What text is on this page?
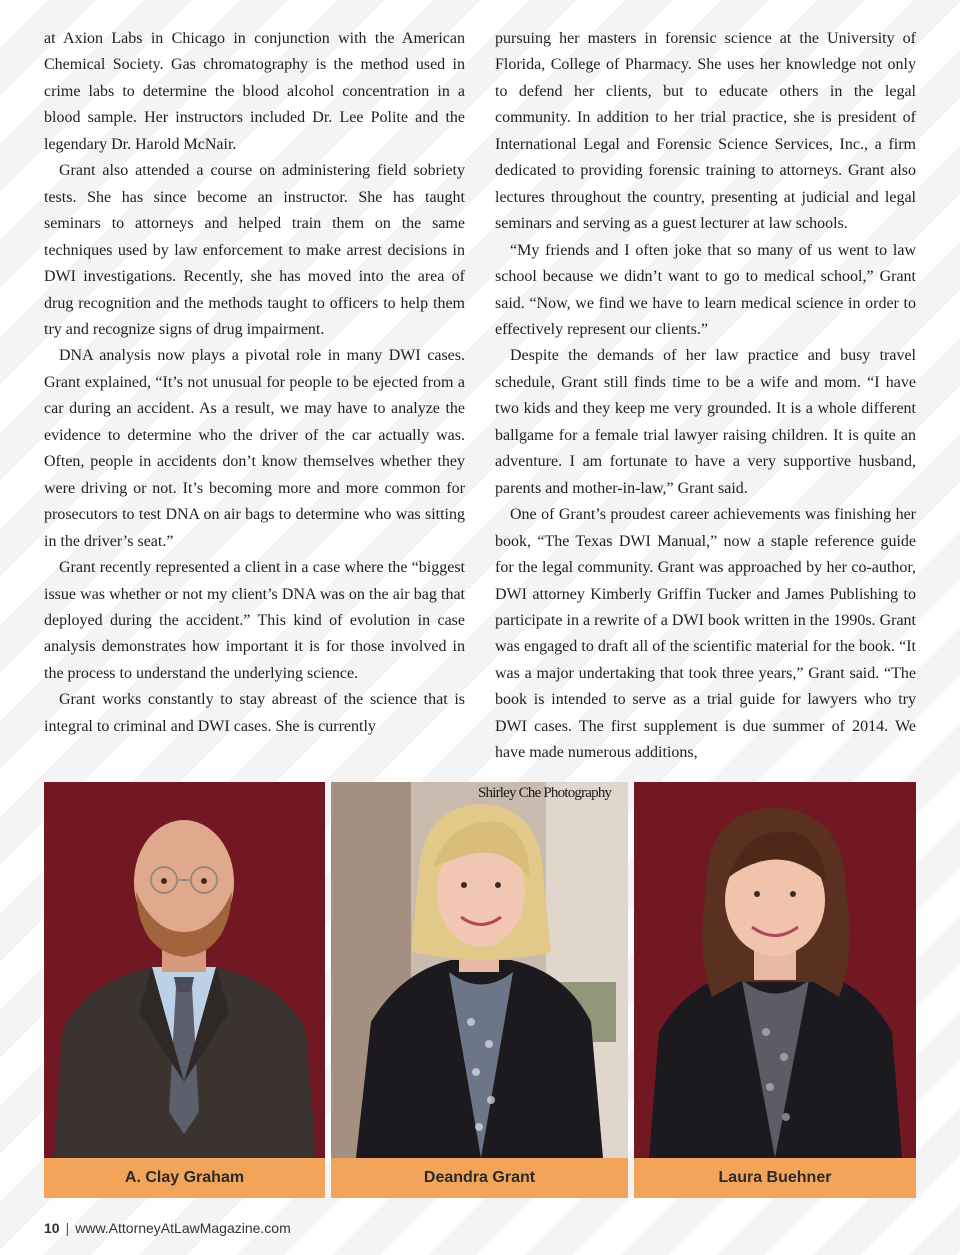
at Axion Labs in Chicago in conjunction with the American Chemical Society. Gas chromatography is the method used in crime labs to determine the blood alcohol concentration in a blood sample. Her instructors included Dr. Lee Polite and the legendary Dr. Harold McNair.

Grant also attended a course on administering field sobriety tests. She has since become an instructor. She has taught seminars to attorneys and helped train them on the same techniques used by law enforcement to make arrest decisions in DWI investigations. Recently, she has moved into the area of drug recognition and the methods taught to officers to help them try and recognize signs of drug impairment.

DNA analysis now plays a pivotal role in many DWI cases. Grant explained, “It’s not unusual for people to be ejected from a car during an accident. As a result, we may have to analyze the evidence to determine who the driver of the car actually was. Often, people in accidents don’t know themselves whether they were driving or not. It’s becoming more and more common for prosecutors to test DNA on air bags to determine who was sitting in the driver’s seat.”

Grant recently represented a client in a case where the “biggest issue was whether or not my client’s DNA was on the air bag that deployed during the accident.” This kind of evolution in case analysis demonstrates how important it is for those involved in the process to understand the underlying science.

Grant works constantly to stay abreast of the science that is integral to criminal and DWI cases. She is currently

pursuing her masters in forensic science at the University of Florida, College of Pharmacy. She uses her knowledge not only to defend her clients, but to educate others in the legal community. In addition to her trial practice, she is president of International Legal and Forensic Science Services, Inc., a firm dedicated to providing forensic training to attorneys. Grant also lectures throughout the country, presenting at judicial and legal seminars and serving as a guest lecturer at law schools.

“My friends and I often joke that so many of us went to law school because we didn’t want to go to medical school,” Grant said. “Now, we find we have to learn medical science in order to effectively represent our clients.”

Despite the demands of her law practice and busy travel schedule, Grant still finds time to be a wife and mom. “I have two kids and they keep me very grounded. It is a whole different ballgame for a female trial lawyer raising children. It is quite an adventure. I am fortunate to have a very supportive husband, parents and mother-in-law,” Grant said.

One of Grant’s proudest career achievements was finishing her book, “The Texas DWI Manual,” now a staple reference guide for the legal community. Grant was approached by her co-author, DWI attorney Kimberly Griffin Tucker and James Publishing to participate in a rewrite of a DWI book written in the 1990s. Grant was engaged to draft all of the scientific material for the book. “It was a major undertaking that took three years,” Grant said. “The book is intended to serve as a trial guide for lawyers who try DWI cases. The first supplement is due summer of 2014. We have made numerous additions,

Shirley Che Photography
A. Clay Graham	Deandra Grant	Laura Buehner
10 | www.AttorneyAtLawMagazine.com
